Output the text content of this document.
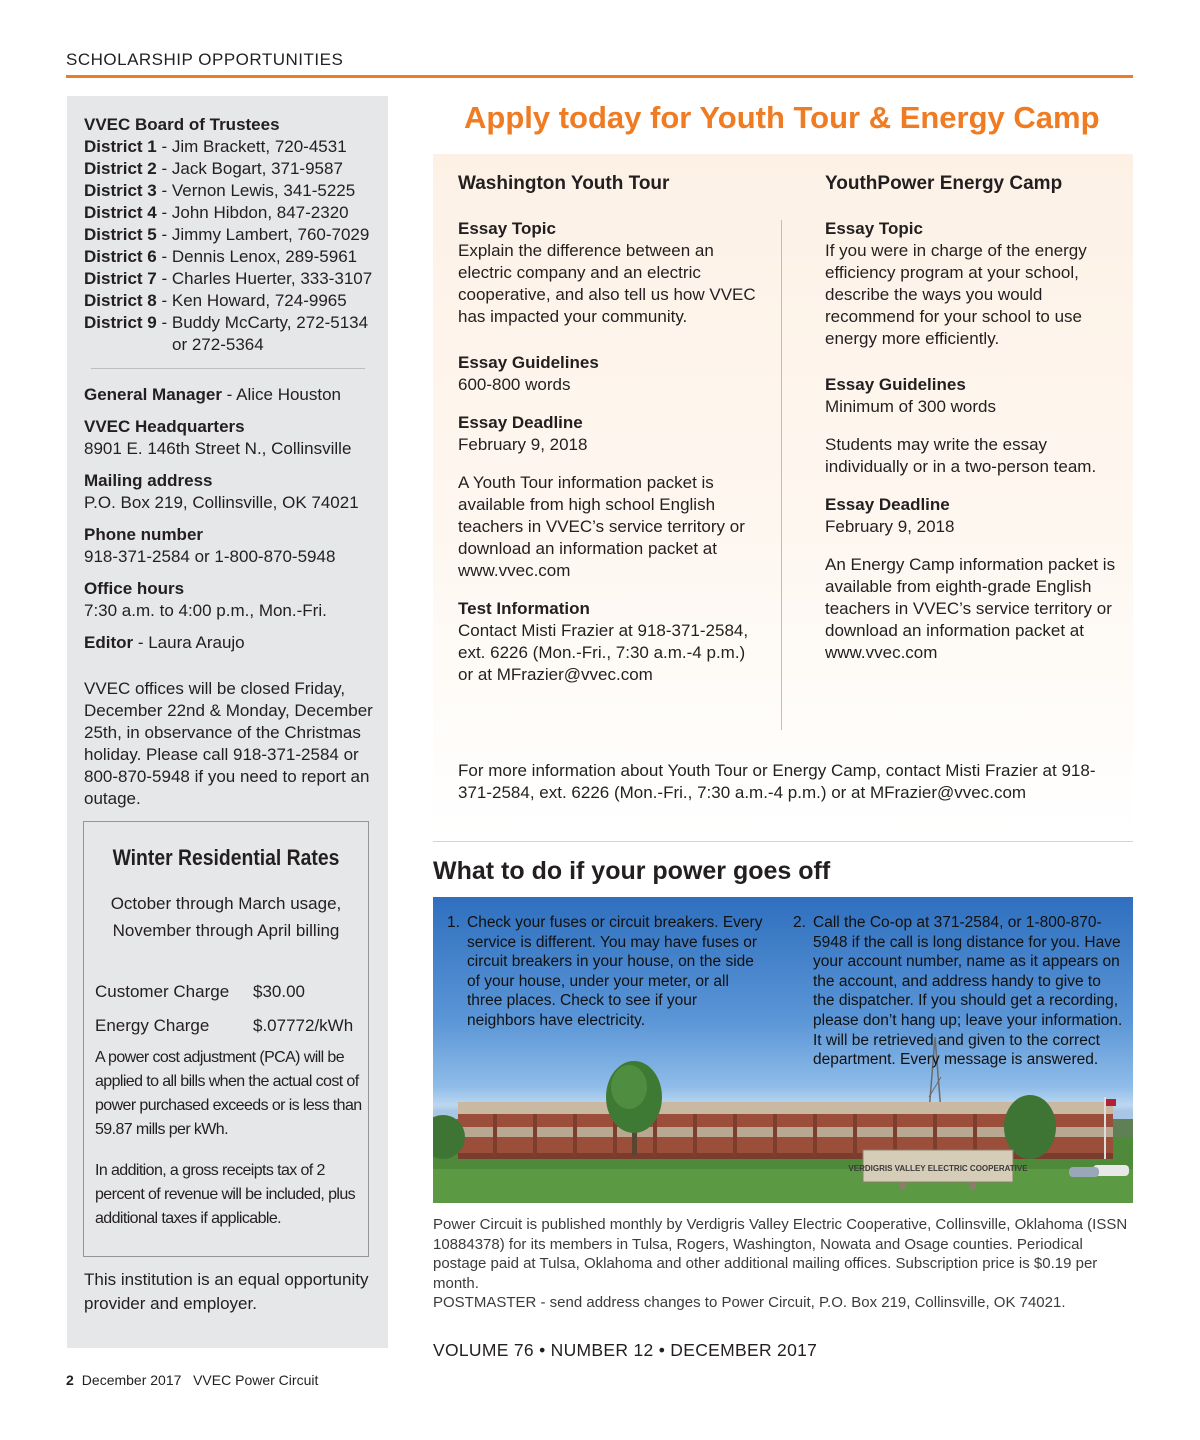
SCHOLARSHIP OPPORTUNITIES
VVEC Board of Trustees
District 1 - Jim Brackett, 720-4531
District 2 - Jack Bogart, 371-9587
District 3 - Vernon Lewis, 341-5225
District 4 - John Hibdon, 847-2320
District 5 - Jimmy Lambert, 760-7029
District 6 - Dennis Lenox, 289-5961
District 7 - Charles Huerter, 333-3107
District 8 - Ken Howard, 724-9965
District 9 - Buddy McCarty, 272-5134
or 272-5364
General Manager - Alice Houston
VVEC Headquarters
8901 E. 146th Street N., Collinsville
Mailing address
P.O. Box 219, Collinsville, OK 74021
Phone number
918-371-2584 or 1-800-870-5948
Office hours
7:30 a.m. to 4:00 p.m., Mon.-Fri.
Editor - Laura Araujo
VVEC offices will be closed Friday, December 22nd & Monday, December 25th, in observance of the Christmas holiday. Please call 918-371-2584 or 800-870-5948 if you need to report an outage.
Winter Residential Rates
October through March usage,
November through April billing
Customer Charge $30.00
Energy Charge	$.07772/kWh
A power cost adjustment (PCA) will be applied to all bills when the actual cost of power purchased exceeds or is less than 59.87 mills per kWh.
In addition, a gross receipts tax of 2 percent of revenue will be included, plus additional taxes if applicable.
This institution is an equal opportunity provider and employer.
Apply today for Youth Tour & Energy Camp
Washington Youth Tour
Essay Topic

Explain the difference between an electric company and an electric cooperative, and also tell us how VVEC has impacted your community.

Essay Guidelines

600-800 words

Essay Deadline

February 9, 2018

A Youth Tour information packet is available from high school English teachers in VVEC’s service territory or download an information packet at www.vvec.com

Test Information

Contact Misti Frazier at 918-371-2584, ext. 6226 (Mon.-Fri., 7:30 a.m.-4 p.m.) or at MFrazier@vvec.com

YouthPower Energy Camp
Essay Topic

If you were in charge of the energy efficiency program at your school, describe the ways you would recommend for your school to use energy more efficiently.

Essay Guidelines

Minimum of 300 words

Students may write the essay individually or in a two-person team.

Essay Deadline

February 9, 2018

An Energy Camp information packet is available from eighth-grade English teachers in VVEC’s service territory or download an information packet at www.vvec.com

For more information about Youth Tour or Energy Camp, contact Misti Frazier at 918-371-2584, ext. 6226 (Mon.-Fri., 7:30 a.m.-4 p.m.) or at MFrazier@vvec.com
What to do if your power goes off
VERDIGRIS VALLEY ELECTRIC COOPERATIVE
1. Check your fuses or circuit breakers. Every service is different. You may have fuses or circuit breakers in your house, on the side of your house, under your meter, or all three places. Check to see if your neighbors have electricity.
2. Call the Co-op at 371-2584, or 1-800-870-5948 if the call is long distance for you. Have your account number, name as it appears on the account, and address handy to give to the dispatcher. If you should get a recording, please don’t hang up; leave your information. It will be retrieved and given to the correct department. Every message is answered.
Power Circuit is published monthly by Verdigris Valley Electric Cooperative, Collinsville, Oklahoma (ISSN 10884378) for its members in Tulsa, Rogers, Washington, Nowata and Osage counties. Periodical postage paid at Tulsa, Oklahoma and other additional mailing offices. Subscription price is $0.19 per month.
POSTMASTER - send address changes to Power Circuit, P.O. Box 219, Collinsville, OK 74021.
VOLUME 76 • NUMBER 12 • DECEMBER 2017
2 December 2017 VVEC Power Circuit
